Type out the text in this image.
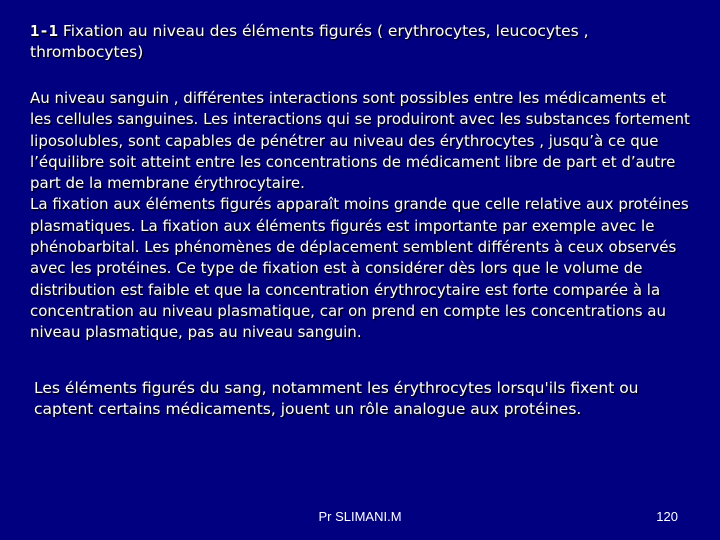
1-1 Fixation au niveau des éléments figurés ( erythrocytes, leucocytes , thrombocytes)

Au niveau sanguin , différentes interactions sont possibles entre les médicaments et les cellules sanguines. Les interactions qui se produiront avec les substances fortement liposolubles, sont capables de pénétrer au niveau des érythrocytes , jusqu’à ce que l’équilibre soit atteint entre les concentrations de médicament libre de part et d’autre part de la membrane érythrocytaire.

La fixation aux éléments figurés apparaît moins grande que celle relative aux protéines plasmatiques. La fixation aux éléments figurés est importante par exemple avec le phénobarbital. Les phénomènes de déplacement semblent différents à ceux observés avec les protéines. Ce type de fixation est à considérer dès lors que le volume de distribution est faible et que la concentration érythrocytaire est forte comparée à la concentration au niveau plasmatique, car on prend en compte les concentrations au niveau plasmatique, pas au niveau sanguin.

Les éléments figurés du sang, notamment les érythrocytes lorsqu'ils fixent ou captent certains médicaments, jouent un rôle analogue aux protéines.

Pr SLIMANI.M	120
